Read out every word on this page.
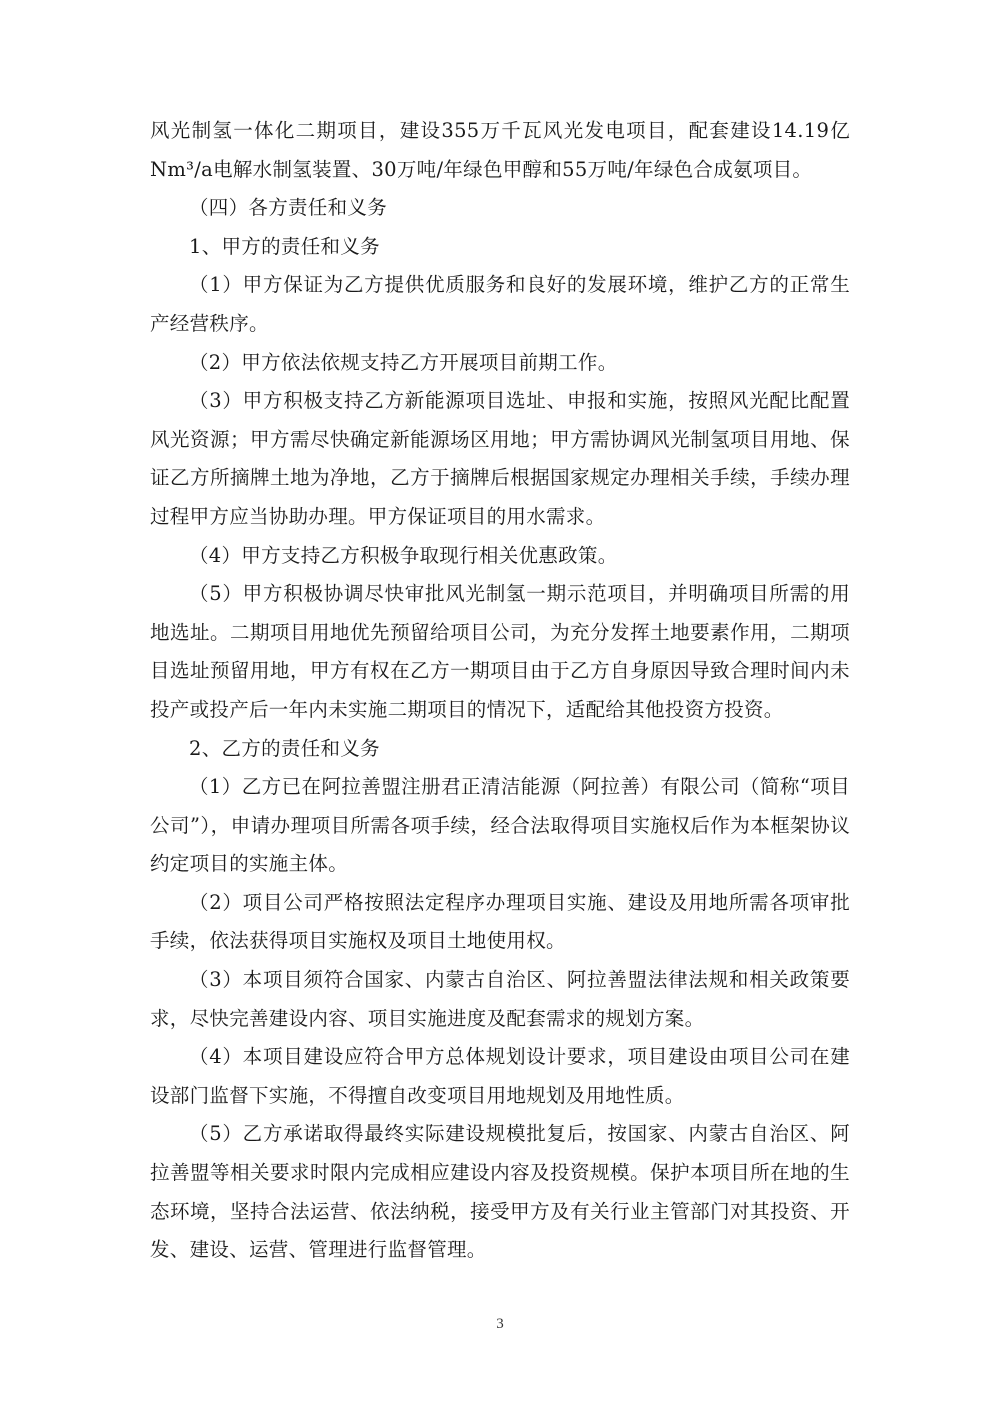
风光制氢一体化二期项目，建设355万千瓦风光发电项目，配套建设14.19亿Nm³/a电解水制氢装置、30万吨/年绿色甲醇和55万吨/年绿色合成氨项目。

（四）各方责任和义务

1、甲方的责任和义务

（1）甲方保证为乙方提供优质服务和良好的发展环境，维护乙方的正常生产经营秩序。

（2）甲方依法依规支持乙方开展项目前期工作。

（3）甲方积极支持乙方新能源项目选址、申报和实施，按照风光配比配置风光资源；甲方需尽快确定新能源场区用地；甲方需协调风光制氢项目用地、保证乙方所摘牌土地为净地，乙方于摘牌后根据国家规定办理相关手续，手续办理过程甲方应当协助办理。甲方保证项目的用水需求。

（4）甲方支持乙方积极争取现行相关优惠政策。

（5）甲方积极协调尽快审批风光制氢一期示范项目，并明确项目所需的用地选址。二期项目用地优先预留给项目公司，为充分发挥土地要素作用，二期项目选址预留用地，甲方有权在乙方一期项目由于乙方自身原因导致合理时间内未投产或投产后一年内未实施二期项目的情况下，适配给其他投资方投资。

2、乙方的责任和义务

（1）乙方已在阿拉善盟注册君正清洁能源（阿拉善）有限公司（简称“项目公司”），申请办理项目所需各项手续，经合法取得项目实施权后作为本框架协议约定项目的实施主体。

（2）项目公司严格按照法定程序办理项目实施、建设及用地所需各项审批手续，依法获得项目实施权及项目土地使用权。

（3）本项目须符合国家、内蒙古自治区、阿拉善盟法律法规和相关政策要求，尽快完善建设内容、项目实施进度及配套需求的规划方案。

（4）本项目建设应符合甲方总体规划设计要求，项目建设由项目公司在建设部门监督下实施，不得擅自改变项目用地规划及用地性质。

（5）乙方承诺取得最终实际建设规模批复后，按国家、内蒙古自治区、阿拉善盟等相关要求时限内完成相应建设内容及投资规模。保护本项目所在地的生态环境，坚持合法运营、依法纳税，接受甲方及有关行业主管部门对其投资、开发、建设、运营、管理进行监督管理。

3
